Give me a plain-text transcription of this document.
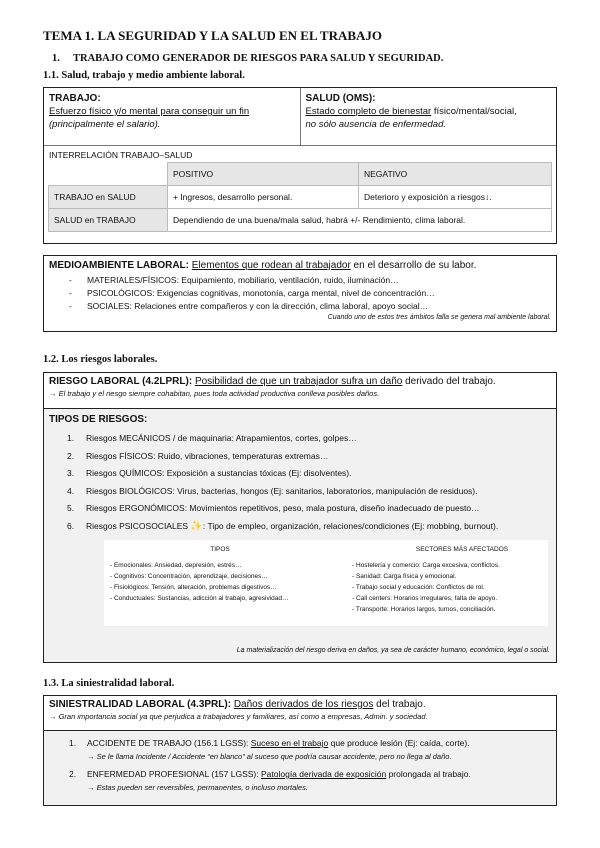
TEMA 1. LA SEGURIDAD Y LA SALUD EN EL TRABAJO
1. TRABAJO COMO GENERADOR DE RIESGOS PARA SALUD Y SEGURIDAD.
1.1. Salud, trabajo y medio ambiente laboral.
TRABAJO:
Esfuerzo físico y/o mental para conseguir un fin
(principalmente el salario).
SALUD (OMS):
Estado completo de bienestar físico/mental/social,
no sólo ausencia de enfermedad.
INTERRELACIÓN TRABAJO–SALUD
	POSITIVO	NEGATIVO
TRABAJO en SALUD	+ Ingresos, desarrollo personal.	Deterioro y exposición a riesgos↓.
SALUD en TRABAJO	Dependiendo de una buena/mala salud, habrá +/- Rendimiento, clima laboral.	
MEDIOAMBIENTE LABORAL: Elementos que rodean al trabajador en el desarrollo de su labor.
- MATERIALES/FÍSICOS: Equipamiento, mobiliario, ventilación, ruido, iluminación…
- PSICOLÓGICOS: Exigencias cognitivas, monotonía, carga mental, nivel de concentración…
- SOCIALES: Relaciones entre compañeros y con la dirección, clima laboral, apoyo social…
Cuando uno de estos tres ámbitos falla se genera mal ambiente laboral.
1.2. Los riesgos laborales.
RIESGO LABORAL (4.2LPRL): Posibilidad de que un trabajador sufra un daño derivado del trabajo.
→ El trabajo y el riesgo siempre cohabitan, pues toda actividad productiva conlleva posibles daños.
TIPOS DE RIESGOS:
1. Riesgos MECÁNICOS / de maquinaria: Atrapamientos, cortes, golpes…
2. Riesgos FÍSICOS: Ruido, vibraciones, temperaturas extremas…
3. Riesgos QUÍMICOS: Exposición a sustancias tóxicas (Ej: disolventes).
4. Riesgos BIOLÓGICOS: Virus, bacterias, hongos (Ej: sanitarios, laboratorios, manipulación de residuos).
5. Riesgos ERGONÓMICOS: Movimientos repetitivos, peso, mala postura, diseño inadecuado de puesto…
6. Riesgos PSICOSOCIALES ✨: Tipo de empleo, organización, relaciones/condiciones (Ej: mobbing, burnout).
TIPOS
- Emocionales: Ansiedad, depresión, estrés…
- Cognitivos: Concentración, aprendizaje, decisiones…
- Fisiológicos: Tensión, alteración, problemas digestivos…
- Conductuales: Sustancias, adicción al trabajo, agresividad…
SECTORES MÁS AFECTADOS
- Hostelería y comercio: Carga excesiva, conflictos.
- Sanidad: Carga física y emocional.
- Trabajo social y educación: Conflictos de rol.
- Call centers: Horarios irregulares, falta de apoyo.
- Transporte: Horarios largos, turnos, conciliación.
La materialización del riesgo deriva en daños, ya sea de carácter humano, económico, legal o social.
1.3. La siniestralidad laboral.
SINIESTRALIDAD LABORAL (4.3PRL): Daños derivados de los riesgos del trabajo.
→ Gran importancia social ya que perjudica a trabajadores y familiares, así como a empresas, Admin. y sociedad.
1. ACCIDENTE DE TRABAJO (156.1 LGSS): Suceso en el trabajo que produce lesión (Ej: caída, corte).
→ Se le llama Incidente / Accidente “en blanco” al suceso que podría causar accidente, pero no llega al daño.
2. ENFERMEDAD PROFESIONAL (157 LGSS): Patología derivada de exposición prolongada al trabajo.
→ Estas pueden ser reversibles, permanentes, o incluso mortales.
